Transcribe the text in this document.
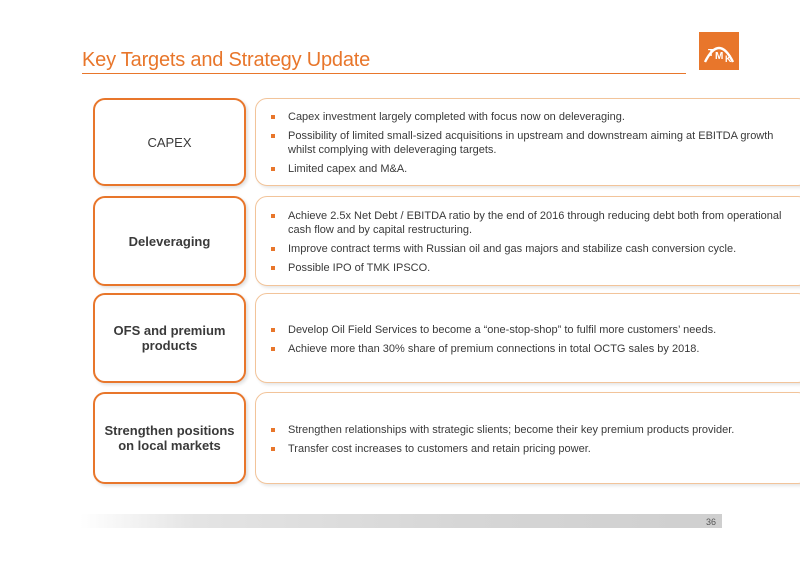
Key Targets and Strategy Update	T M K
CAPEX
Capex investment largely completed with focus now on deleveraging.
Possibility of limited small-sized acquisitions in upstream and downstream aiming at EBITDA growth whilst complying with deleveraging targets.
Limited capex and M&A.
Deleveraging
Achieve 2.5x Net Debt / EBITDA ratio by the end of 2016 through reducing debt both from operational cash flow and by capital restructuring.
Improve contract terms with Russian oil and gas majors and stabilize cash conversion cycle.
Possible IPO of TMK IPSCO.
OFS and premium products
Develop Oil Field Services to become a “one-stop-shop” to fulfil more customers’ needs.
Achieve more than 30% share of premium connections in total OCTG sales by 2018.
Strengthen positions on local markets
Strengthen relationships with strategic slients; become their key premium products provider.
Transfer cost increases to customers and retain pricing power.
36
